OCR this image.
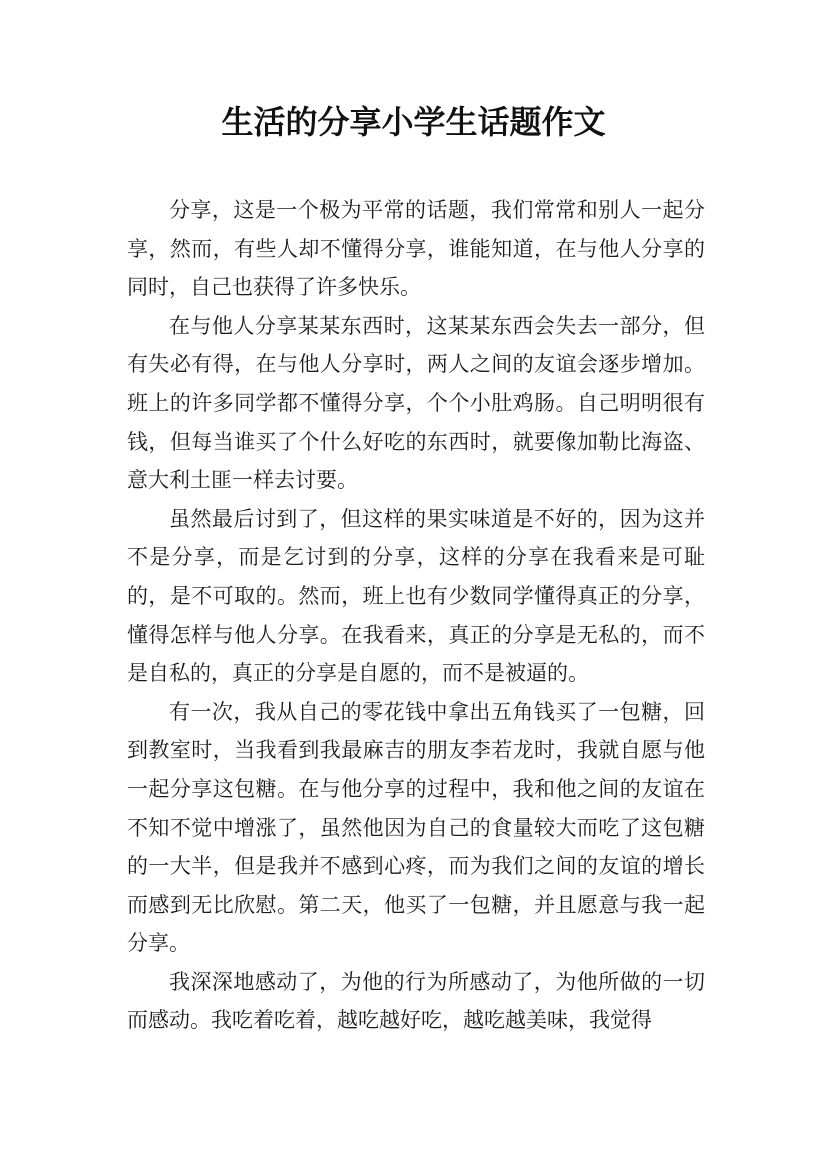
生活的分享小学生话题作文

分享，这是一个极为平常的话题，我们常常和别人一起分享，然而，有些人却不懂得分享，谁能知道，在与他人分享的同时，自己也获得了许多快乐。

在与他人分享某某东西时，这某某东西会失去一部分，但有失必有得，在与他人分享时，两人之间的友谊会逐步增加。班上的许多同学都不懂得分享，个个小肚鸡肠。自己明明很有钱，但每当谁买了个什么好吃的东西时，就要像加勒比海盗、意大利土匪一样去讨要。

虽然最后讨到了，但这样的果实味道是不好的，因为这并不是分享，而是乞讨到的分享，这样的分享在我看来是可耻的，是不可取的。然而，班上也有少数同学懂得真正的分享，懂得怎样与他人分享。在我看来，真正的分享是无私的，而不是自私的，真正的分享是自愿的，而不是被逼的。

有一次，我从自己的零花钱中拿出五角钱买了一包糖，回到教室时，当我看到我最麻吉的朋友李若龙时，我就自愿与他一起分享这包糖。在与他分享的过程中，我和他之间的友谊在不知不觉中增涨了，虽然他因为自己的食量较大而吃了这包糖的一大半，但是我并不感到心疼，而为我们之间的友谊的增长而感到无比欣慰。第二天，他买了一包糖，并且愿意与我一起分享。

我深深地感动了，为他的行为所感动了，为他所做的一切而感动。我吃着吃着，越吃越好吃，越吃越美味，我觉得
